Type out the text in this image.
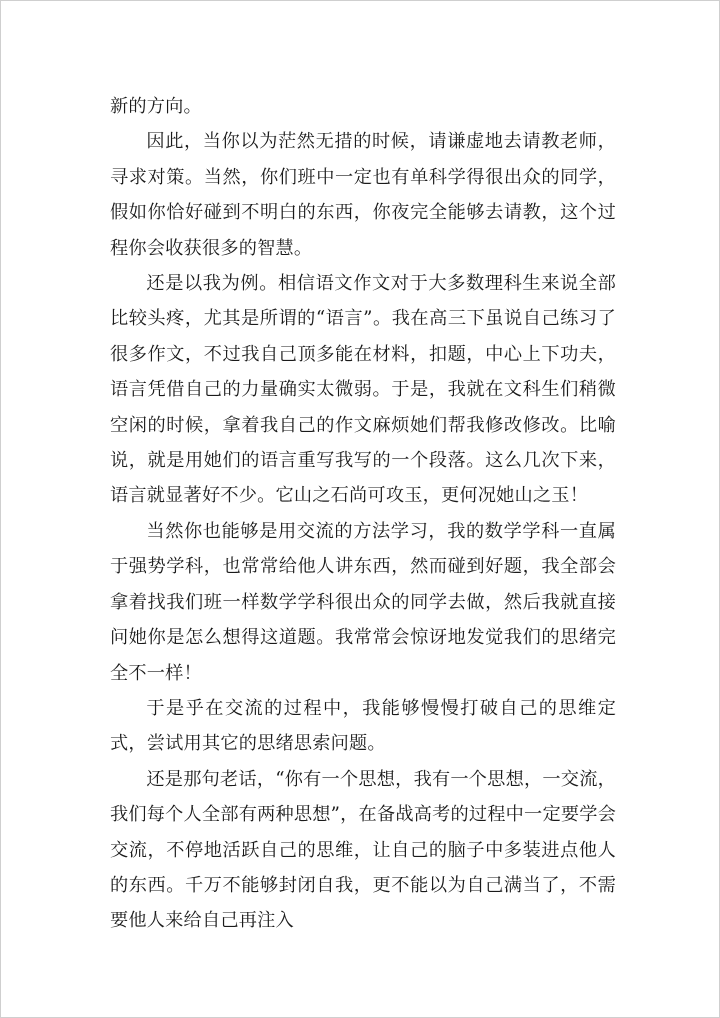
新的方向。

因此，当你以为茫然无措的时候，请谦虚地去请教老师，寻求对策。当然，你们班中一定也有单科学得很出众的同学，假如你恰好碰到不明白的东西，你夜完全能够去请教，这个过程你会收获很多的智慧。

还是以我为例。相信语文作文对于大多数理科生来说全部比较头疼，尤其是所谓的“语言”。我在高三下虽说自己练习了很多作文，不过我自己顶多能在材料，扣题，中心上下功夫，语言凭借自己的力量确实太微弱。于是，我就在文科生们稍微空闲的时候，拿着我自己的作文麻烦她们帮我修改修改。比喻说，就是用她们的语言重写我写的一个段落。这么几次下来，语言就显著好不少。它山之石尚可攻玉，更何况她山之玉！

当然你也能够是用交流的方法学习，我的数学学科一直属于强势学科，也常常给他人讲东西，然而碰到好题，我全部会拿着找我们班一样数学学科很出众的同学去做，然后我就直接问她你是怎么想得这道题。我常常会惊讶地发觉我们的思绪完全不一样！

于是乎在交流的过程中，我能够慢慢打破自己的思维定式，尝试用其它的思绪思索问题。

还是那句老话，“你有一个思想，我有一个思想，一交流，我们每个人全部有两种思想”，在备战高考的过程中一定要学会交流，不停地活跃自己的思维，让自己的脑子中多装进点他人的东西。千万不能够封闭自我，更不能以为自己满当了，不需要他人来给自己再注入
